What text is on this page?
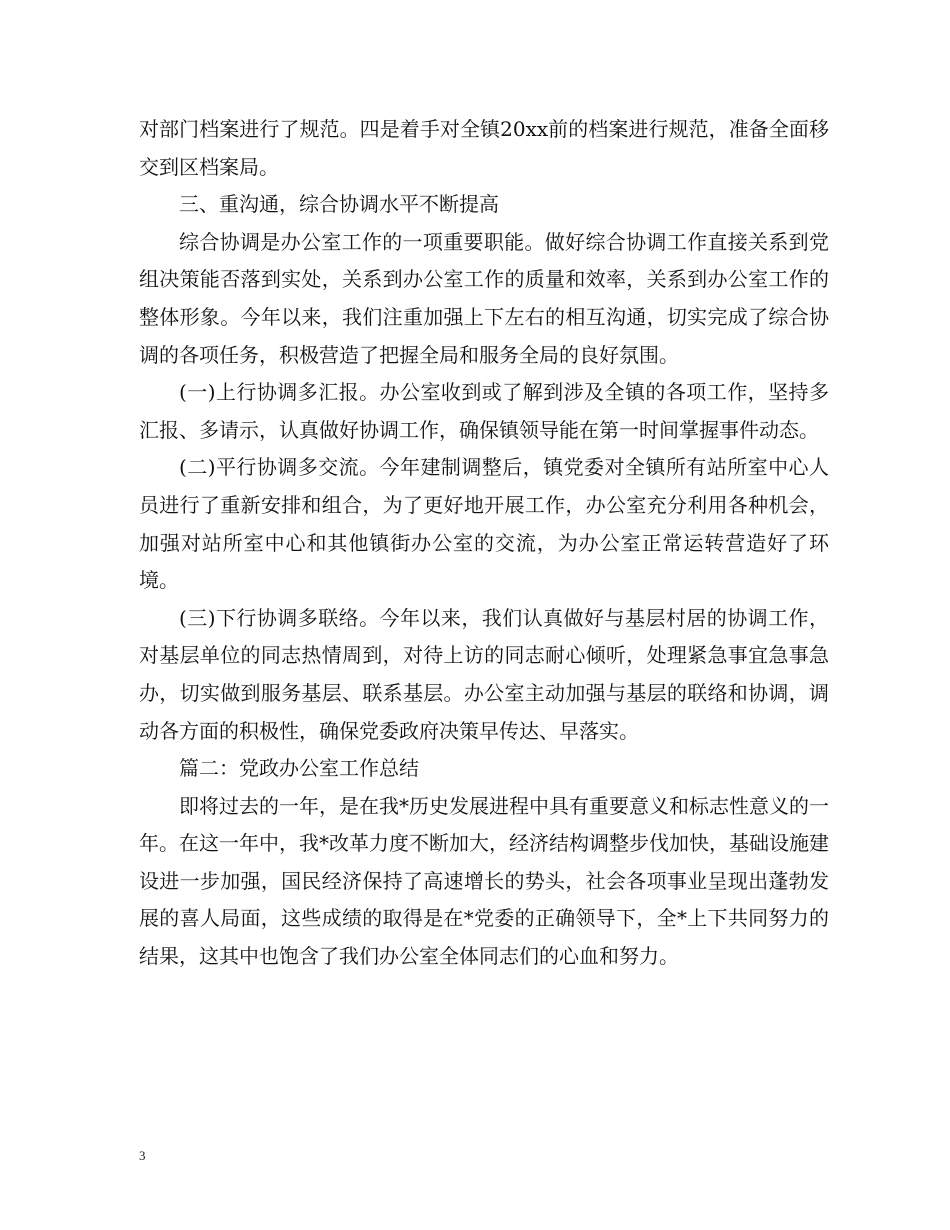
对部门档案进行了规范。四是着手对全镇20xx前的档案进行规范，准备全面移交到区档案局。

三、重沟通，综合协调水平不断提高

综合协调是办公室工作的一项重要职能。做好综合协调工作直接关系到党组决策能否落到实处，关系到办公室工作的质量和效率，关系到办公室工作的整体形象。今年以来，我们注重加强上下左右的相互沟通，切实完成了综合协调的各项任务，积极营造了把握全局和服务全局的良好氛围。

(一)上行协调多汇报。办公室收到或了解到涉及全镇的各项工作，坚持多汇报、多请示，认真做好协调工作，确保镇领导能在第一时间掌握事件动态。

(二)平行协调多交流。今年建制调整后，镇党委对全镇所有站所室中心人员进行了重新安排和组合，为了更好地开展工作，办公室充分利用各种机会，加强对站所室中心和其他镇街办公室的交流，为办公室正常运转营造好了环境。

(三)下行协调多联络。今年以来，我们认真做好与基层村居的协调工作，对基层单位的同志热情周到，对待上访的同志耐心倾听，处理紧急事宜急事急办，切实做到服务基层、联系基层。办公室主动加强与基层的联络和协调，调动各方面的积极性，确保党委政府决策早传达、早落实。

篇二：党政办公室工作总结

即将过去的一年，是在我*历史发展进程中具有重要意义和标志性意义的一年。在这一年中，我*改革力度不断加大，经济结构调整步伐加快，基础设施建设进一步加强，国民经济保持了高速增长的势头，社会各项事业呈现出蓬勃发展的喜人局面，这些成绩的取得是在*党委的正确领导下，全*上下共同努力的结果，这其中也饱含了我们办公室全体同志们的心血和努力。

3
